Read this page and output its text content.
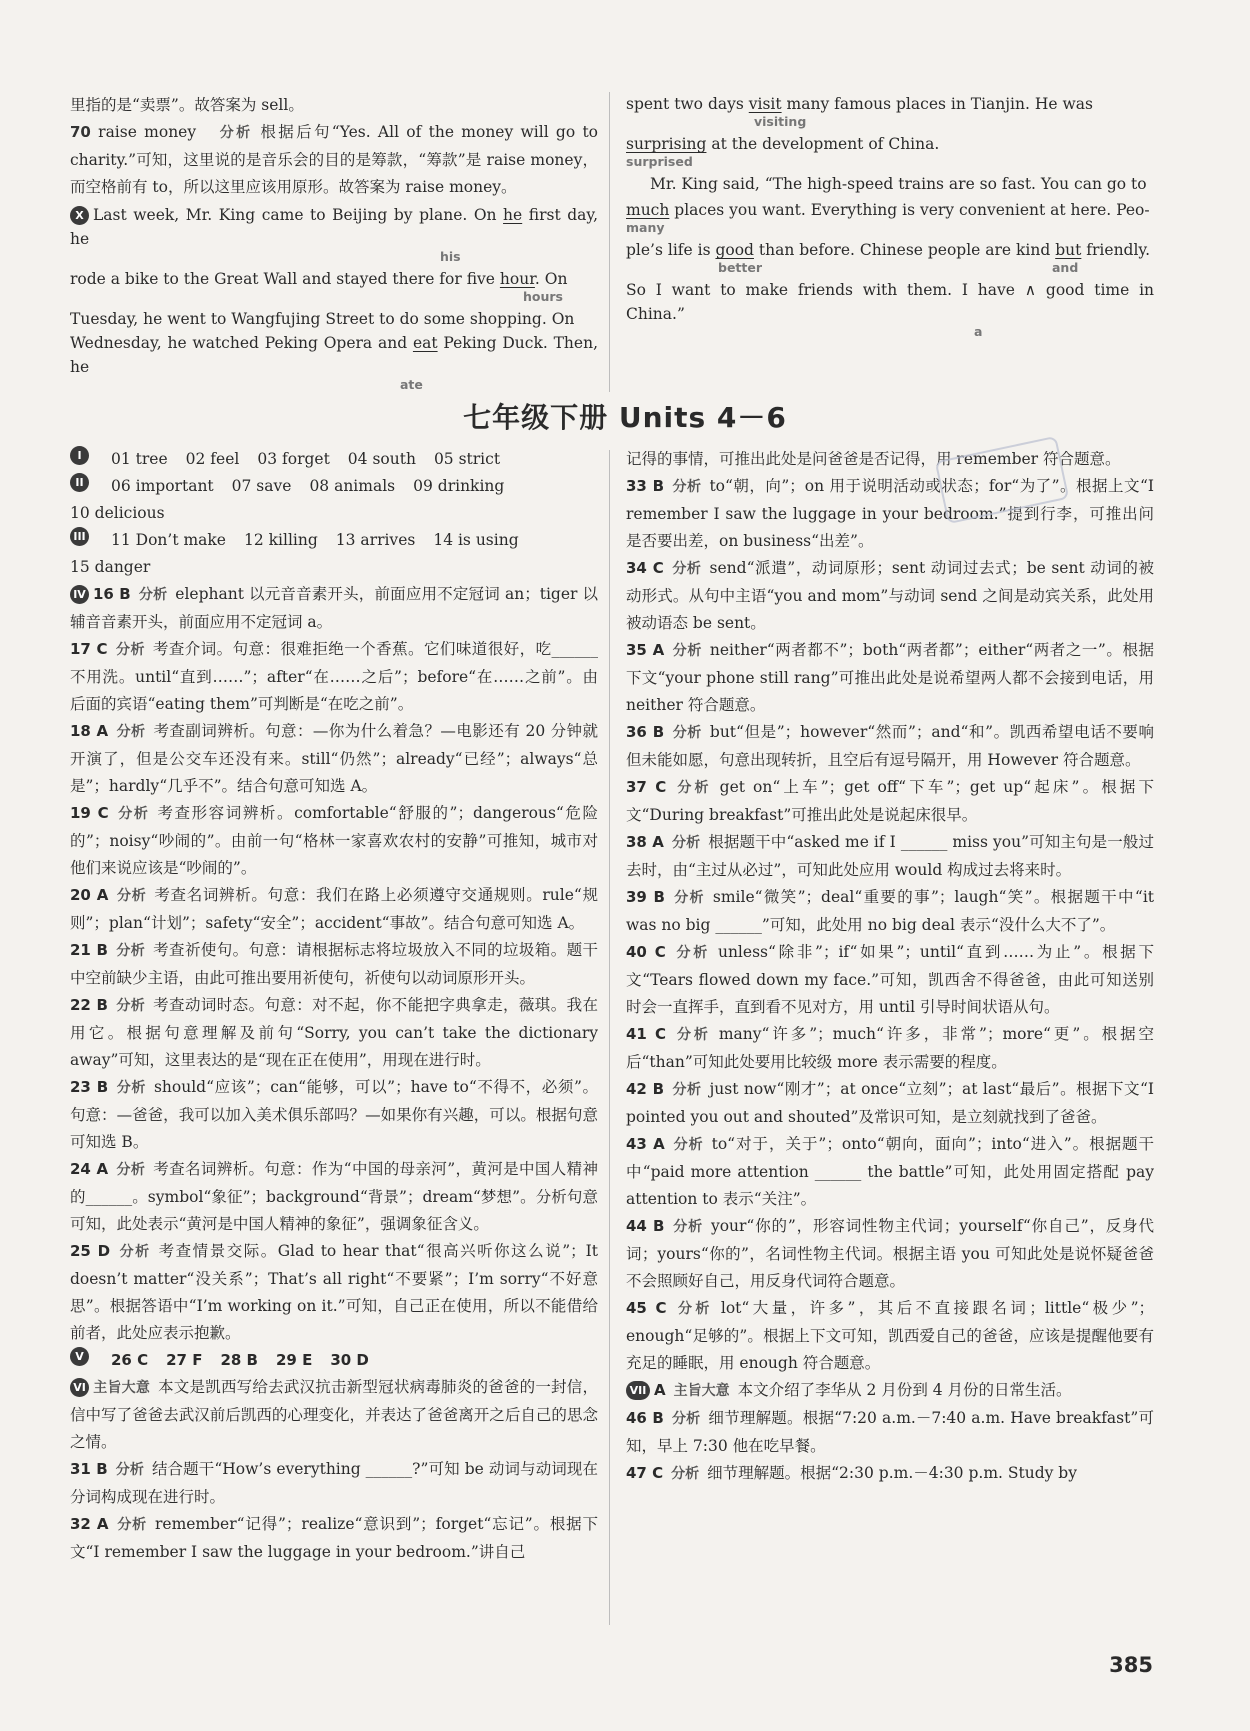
里指的是“卖票”。故答案为 sell。

70 raise money 分析 根据后句“Yes. All of the money will go to charity.”可知，这里说的是音乐会的目的是筹款，“筹款”是 raise money，而空格前有 to，所以这里应该用原形。故答案为 raise money。

X Last week, Mr. King came to Beijing by plane. On he first day, he

his

rode a bike to the Great Wall and stayed there for five hour. On

hours

Tuesday, he went to Wangfujing Street to do some shopping. On

Wednesday, he watched Peking Opera and eat Peking Duck. Then, he

ate

spent two days visit many famous places in Tianjin. He was

visiting

surprising at the development of China.

surprised

Mr. King said, “The high-speed trains are so fast. You can go to

much places you want. Everything is very convenient at here. Peo-

many

ple’s life is good than before. Chinese people are kind but friendly.

better	and

So I want to make friends with them. I have ∧ good time in China.”

a
七年级下册 Units 4－6
I	01 tree 02 feel 03 forget 04 south 05 strict
II	06 important 07 save 08 animals 09 drinking
10 delicious
III 11 Don’t make 12 killing 13 arrives 14 is using
15 danger

IV 16 B 分析 elephant 以元音音素开头，前面应用不定冠词 an；tiger 以辅音音素开头，前面应用不定冠词 a。

17 C 分析 考查介词。句意：很难拒绝一个香蕉。它们味道很好，吃______不用洗。until“直到……”；after“在……之后”；before“在……之前”。由后面的宾语“eating them”可判断是“在吃之前”。

18 A 分析 考查副词辨析。句意：—你为什么着急？—电影还有 20 分钟就开演了，但是公交车还没有来。still“仍然”；already“已经”；always“总是”；hardly“几乎不”。结合句意可知选 A。

19 C 分析 考查形容词辨析。comfortable“舒服的”；dangerous“危险的”；noisy“吵闹的”。由前一句“格林一家喜欢农村的安静”可推知，城市对他们来说应该是“吵闹的”。

20 A 分析 考查名词辨析。句意：我们在路上必须遵守交通规则。rule“规则”；plan“计划”；safety“安全”；accident“事故”。结合句意可知选 A。

21 B 分析 考查祈使句。句意：请根据标志将垃圾放入不同的垃圾箱。题干中空前缺少主语，由此可推出要用祈使句，祈使句以动词原形开头。

22 B 分析 考查动词时态。句意：对不起，你不能把字典拿走，薇琪。我在用它。根据句意理解及前句“Sorry, you can’t take the dictionary away”可知，这里表达的是“现在正在使用”，用现在进行时。

23 B 分析 should“应该”；can“能够，可以”；have to“不得不，必须”。句意：—爸爸，我可以加入美术俱乐部吗？—如果你有兴趣，可以。根据句意可知选 B。

24 A 分析 考查名词辨析。句意：作为“中国的母亲河”，黄河是中国人精神的______。symbol“象征”；background“背景”；dream“梦想”。分析句意可知，此处表示“黄河是中国人精神的象征”，强调象征含义。

25 D 分析 考查情景交际。Glad to hear that“很高兴听你这么说”；It doesn’t matter“没关系”；That’s all right“不要紧”；I’m sorry“不好意思”。根据答语中“I’m working on it.”可知，自己正在使用，所以不能借给前者，此处应表示抱歉。

V	26 C 27 F 28 B 29 E 30 D

VI 主旨大意 本文是凯西写给去武汉抗击新型冠状病毒肺炎的爸爸的一封信，信中写了爸爸去武汉前后凯西的心理变化，并表达了爸爸离开之后自己的思念之情。

31 B 分析 结合题干“How’s everything ______?”可知 be 动词与动词现在分词构成现在进行时。

32 A 分析 remember“记得”；realize“意识到”；forget“忘记”。根据下文“I remember I saw the luggage in your bedroom.”讲自己

记得的事情，可推出此处是问爸爸是否记得，用 remember 符合题意。

33 B 分析 to“朝，向”；on 用于说明活动或状态；for“为了”。根据上文“I remember I saw the luggage in your bedroom.”提到行李，可推出问是否要出差，on business“出差”。

34 C 分析 send“派遣”，动词原形；sent 动词过去式；be sent 动词的被动形式。从句中主语“you and mom”与动词 send 之间是动宾关系，此处用被动语态 be sent。

35 A 分析 neither“两者都不”；both“两者都”；either“两者之一”。根据下文“your phone still rang”可推出此处是说希望两人都不会接到电话，用 neither 符合题意。

36 B 分析 but“但是”；however“然而”；and“和”。凯西希望电话不要响但未能如愿，句意出现转折，且空后有逗号隔开，用 However 符合题意。

37 C 分析 get on“上车”；get off“下车”；get up“起床”。根据下文“During breakfast”可推出此处是说起床很早。

38 A 分析 根据题干中“asked me if I ______ miss you”可知主句是一般过去时，由“主过从必过”，可知此处应用 would 构成过去将来时。

39 B 分析 smile“微笑”；deal“重要的事”；laugh“笑”。根据题干中“it was no big ______”可知，此处用 no big deal 表示“没什么大不了”。

40 C 分析 unless“除非”；if“如果”；until“直到……为止”。根据下文“Tears flowed down my face.”可知，凯西舍不得爸爸，由此可知送别时会一直挥手，直到看不见对方，用 until 引导时间状语从句。

41 C 分析 many“许多”；much“许多，非常”；more“更”。根据空后“than”可知此处要用比较级 more 表示需要的程度。

42 B 分析 just now“刚才”；at once“立刻”；at last“最后”。根据下文“I pointed you out and shouted”及常识可知，是立刻就找到了爸爸。

43 A 分析 to“对于，关于”；onto“朝向，面向”；into“进入”。根据题干中“paid more attention ______ the battle”可知，此处用固定搭配 pay attention to 表示“关注”。

44 B 分析 your“你的”，形容词性物主代词；yourself“你自己”，反身代词；yours“你的”，名词性物主代词。根据主语 you 可知此处是说怀疑爸爸不会照顾好自己，用反身代词符合题意。

45 C 分析 lot“大量，许多”，其后不直接跟名词；little“极少”；enough“足够的”。根据上下文可知，凯西爱自己的爸爸，应该是提醒他要有充足的睡眠，用 enough 符合题意。

VII A 主旨大意 本文介绍了李华从 2 月份到 4 月份的日常生活。

46 B 分析 细节理解题。根据“7:20 a.m.－7:40 a.m. Have breakfast”可知，早上 7:30 他在吃早餐。

47 C 分析 细节理解题。根据“2:30 p.m.－4:30 p.m. Study by

385
